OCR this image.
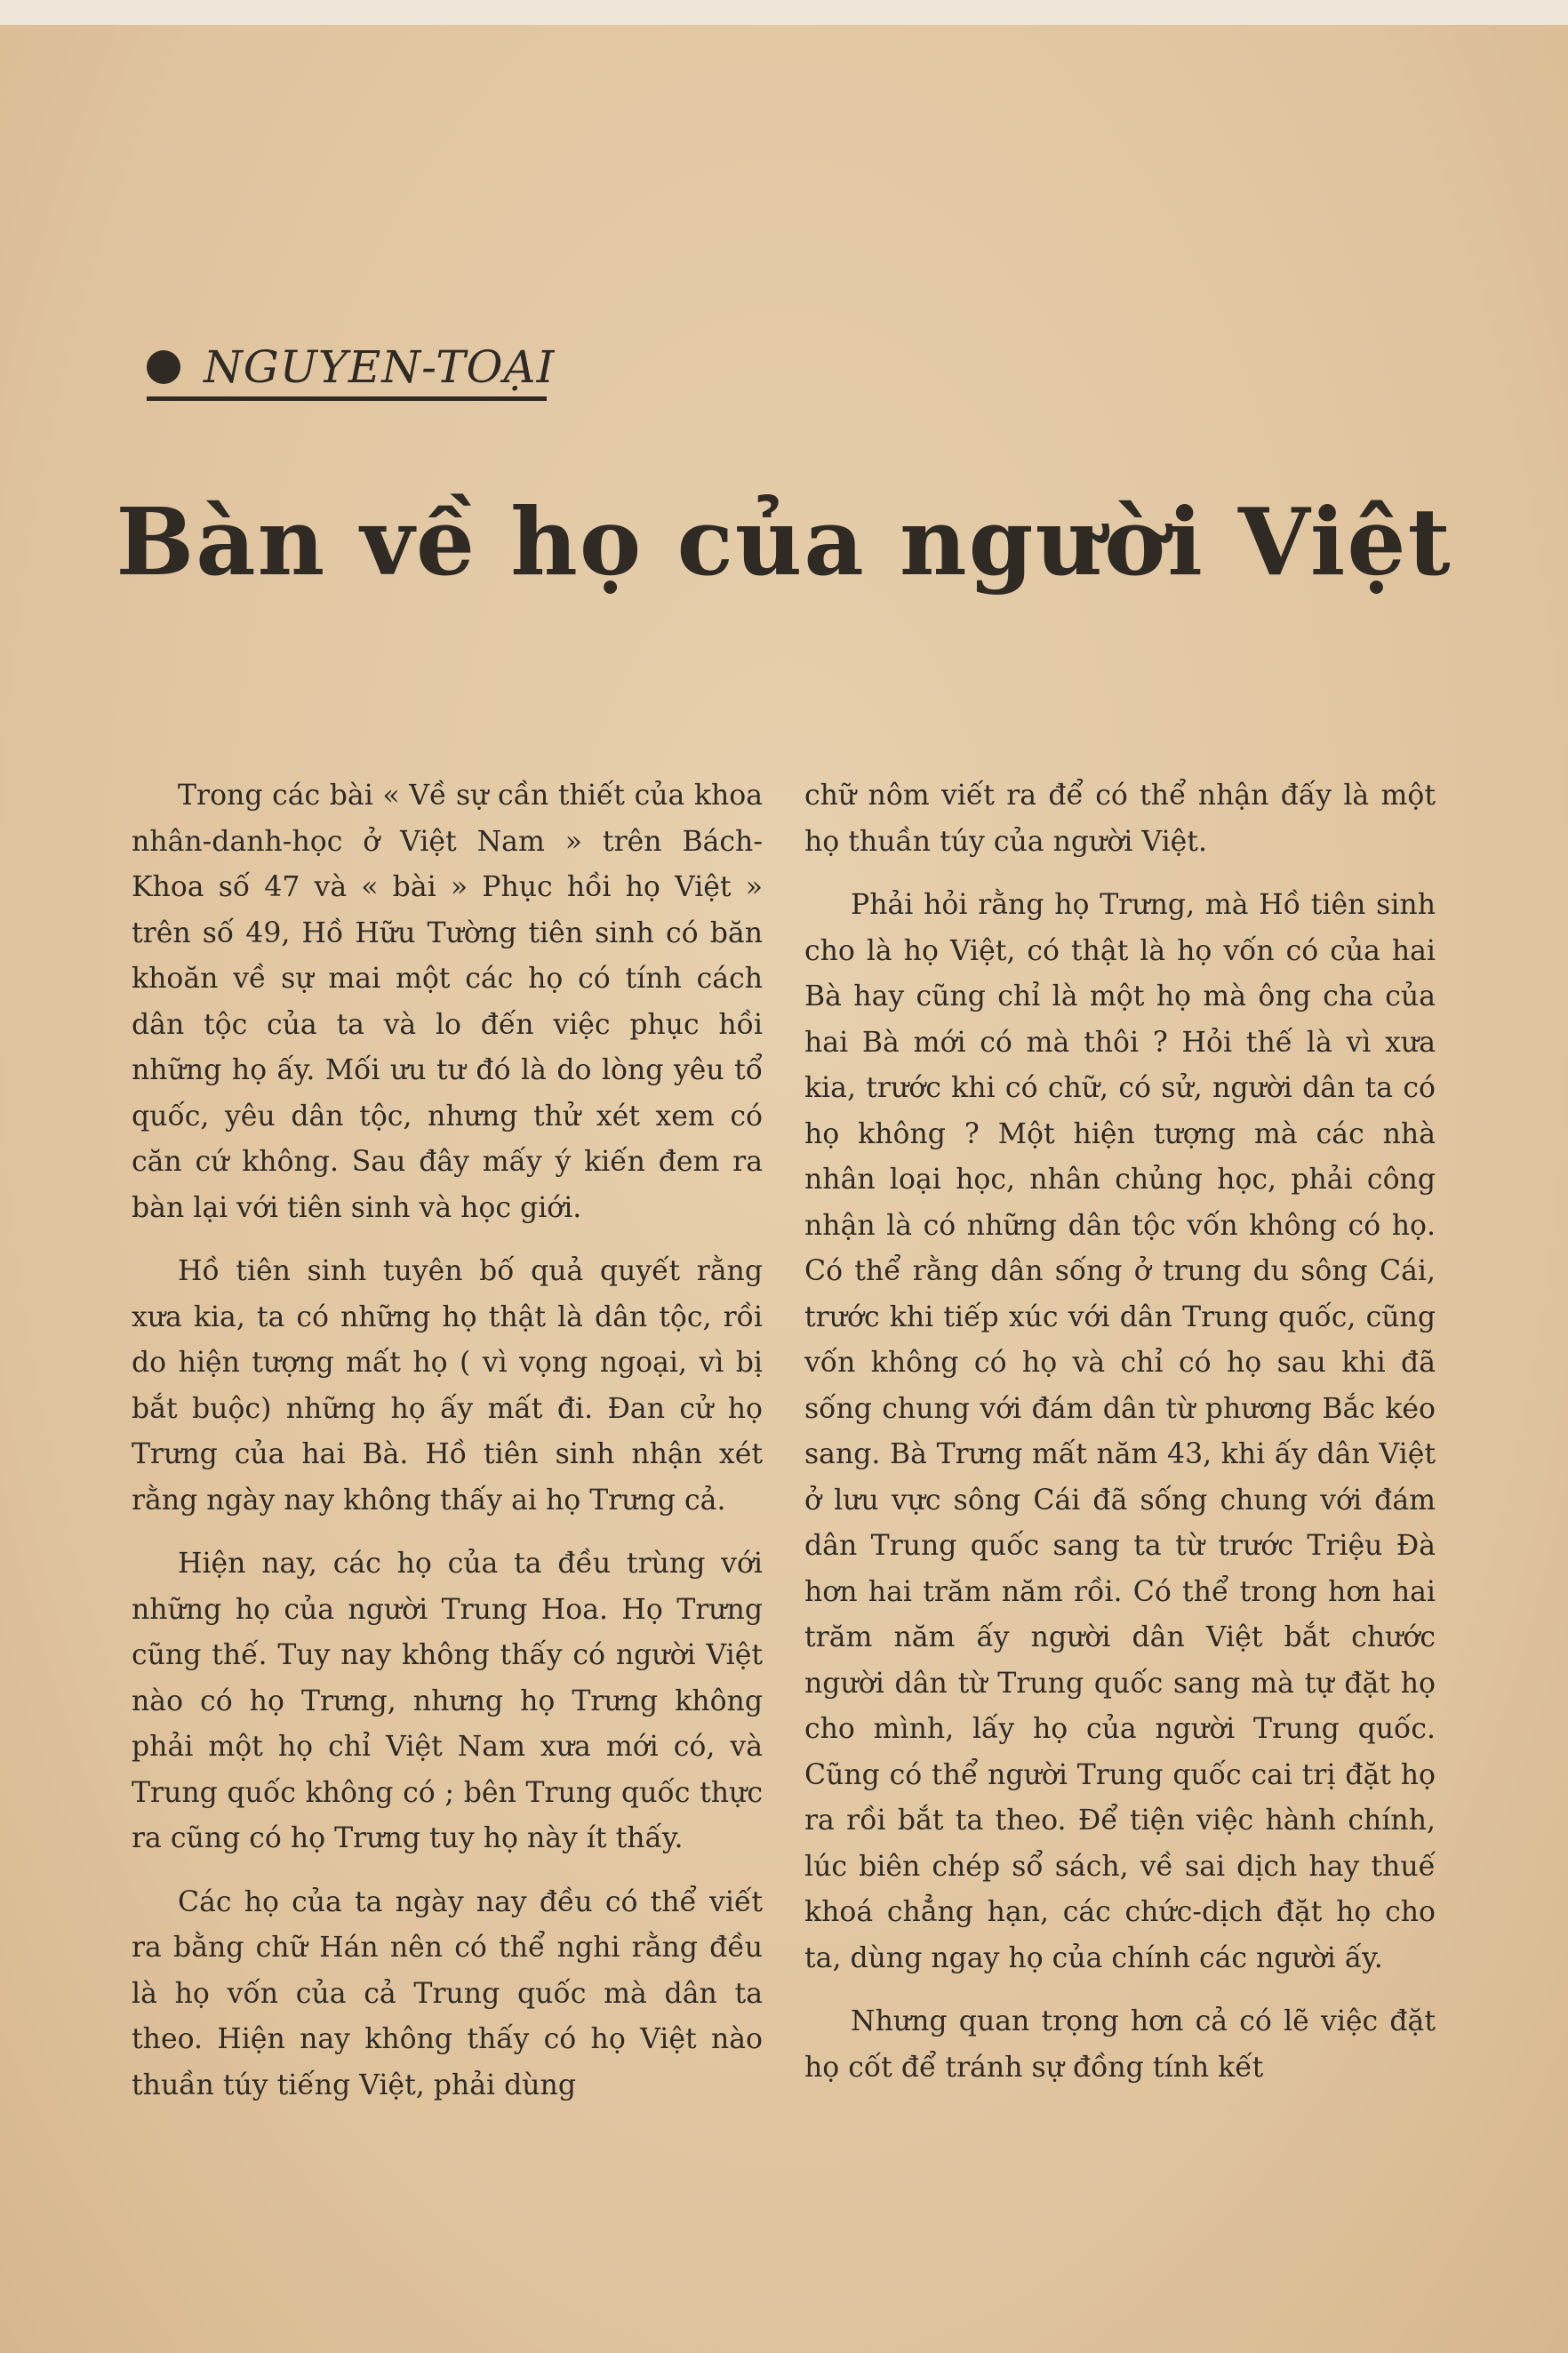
NGUYEN-TOẠI
Bàn về họ của người Việt

Trong các bài « Về sự cần thiết của khoa nhân-danh-học ở Việt Nam » trên Bách-Khoa số 47 và « bài » Phục hồi họ Việt » trên số 49, Hồ Hữu Tường tiên sinh có băn khoăn về sự mai một các họ có tính cách dân tộc của ta và lo đến việc phục hồi những họ ấy. Mối ưu tư đó là do lòng yêu tổ quốc, yêu dân tộc, nhưng thử xét xem có căn cứ không. Sau đây mấy ý kiến đem ra bàn lại với tiên sinh và học giới.

Hồ tiên sinh tuyên bố quả quyết rằng xưa kia, ta có những họ thật là dân tộc, rồi do hiện tượng mất họ ( vì vọng ngoại, vì bị bắt buộc) những họ ấy mất đi. Đan cử họ Trưng của hai Bà. Hồ tiên sinh nhận xét rằng ngày nay không thấy ai họ Trưng cả.

Hiện nay, các họ của ta đều trùng với những họ của người Trung Hoa. Họ Trưng cũng thế. Tuy nay không thấy có người Việt nào có họ Trưng, nhưng họ Trưng không phải một họ chỉ Việt Nam xưa mới có, và Trung quốc không có ; bên Trung quốc thực ra cũng có họ Trưng tuy họ này ít thấy.

Các họ của ta ngày nay đều có thể viết ra bằng chữ Hán nên có thể nghi rằng đều là họ vốn của cả Trung quốc mà dân ta theo. Hiện nay không thấy có họ Việt nào thuần túy tiếng Việt, phải dùng

chữ nôm viết ra để có thể nhận đấy là một họ thuần túy của người Việt.

Phải hỏi rằng họ Trưng, mà Hồ tiên sinh cho là họ Việt, có thật là họ vốn có của hai Bà hay cũng chỉ là một họ mà ông cha của hai Bà mới có mà thôi ? Hỏi thế là vì xưa kia, trước khi có chữ, có sử, người dân ta có họ không ? Một hiện tượng mà các nhà nhân loại học, nhân chủng học, phải công nhận là có những dân tộc vốn không có họ. Có thể rằng dân sống ở trung du sông Cái, trước khi tiếp xúc với dân Trung quốc, cũng vốn không có họ và chỉ có họ sau khi đã sống chung với đám dân từ phương Bắc kéo sang. Bà Trưng mất năm 43, khi ấy dân Việt ở lưu vực sông Cái đã sống chung với đám dân Trung quốc sang ta từ trước Triệu Đà hơn hai trăm năm rồi. Có thể trong hơn hai trăm năm ấy người dân Việt bắt chước người dân từ Trung quốc sang mà tự đặt họ cho mình, lấy họ của người Trung quốc. Cũng có thể người Trung quốc cai trị đặt họ ra rồi bắt ta theo. Để tiện việc hành chính, lúc biên chép sổ sách, về sai dịch hay thuế khoá chẳng hạn, các chức-dịch đặt họ cho ta, dùng ngay họ của chính các người ấy.

Nhưng quan trọng hơn cả có lẽ việc đặt họ cốt để tránh sự đồng tính kết
